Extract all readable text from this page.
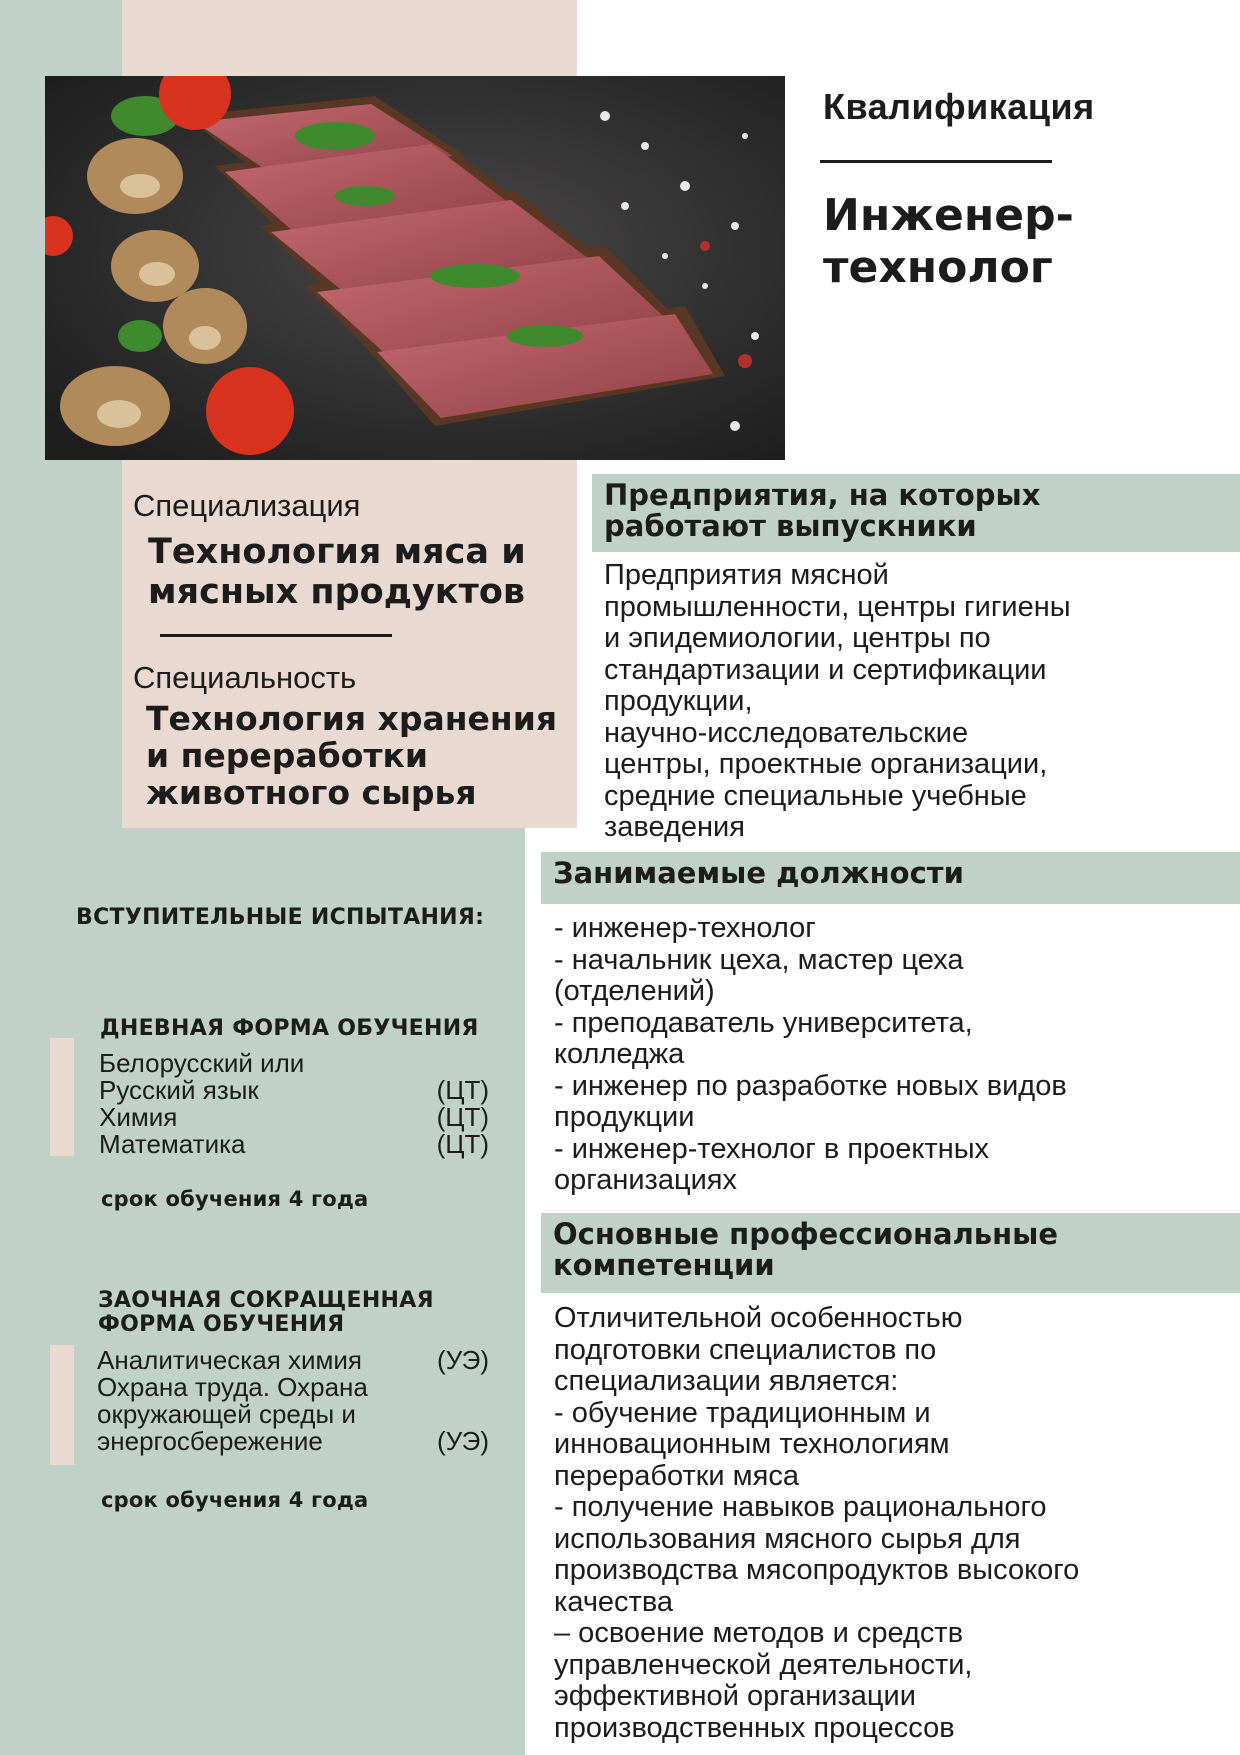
Квалификация
Инженер-
технолог
Специализация
Технология мяса и
мясных продуктов
Специальность
Технология хранения
и переработки
животного сырья
Предприятия, на которых
работают выпускники
Предприятия мясной
промышленности, центры гигиены
и эпидемиологии, центры по
стандартизации и сертификации
продукции,
научно-исследовательские
центры, проектные организации,
средние специальные учебные
заведения
Занимаемые должности
- инженер-технолог
- начальник цеха, мастер цеха
(отделений)
- преподаватель университета,
колледжа
- инженер по разработке новых видов
продукции
- инженер-технолог в проектных
организациях
Основные профессиональные
компетенции
Отличительной особенностью
подготовки специалистов по
специализации является:
- обучение традиционным и
инновационным технологиям
переработки мяса
- получение навыков рационального
использования мясного сырья для
производства мясопродуктов высокого
качества
– освоение методов и средств
управленческой деятельности,
эффективной организации
производственных процессов
ВСТУПИТЕЛЬНЫЕ ИСПЫТАНИЯ:
ДНЕВНАЯ ФОРМА ОБУЧЕНИЯ
Белорусский или
Русский язык	(ЦТ)
Химия	(ЦТ)
Математика	(ЦТ)
срок обучения 4 года
ЗАОЧНАЯ СОКРАЩЕННАЯ
ФОРМА ОБУЧЕНИЯ
Аналитическая химия	(УЭ)
Охрана труда. Охрана
окружающей среды и
энергосбережение	(УЭ)
срок обучения 4 года
